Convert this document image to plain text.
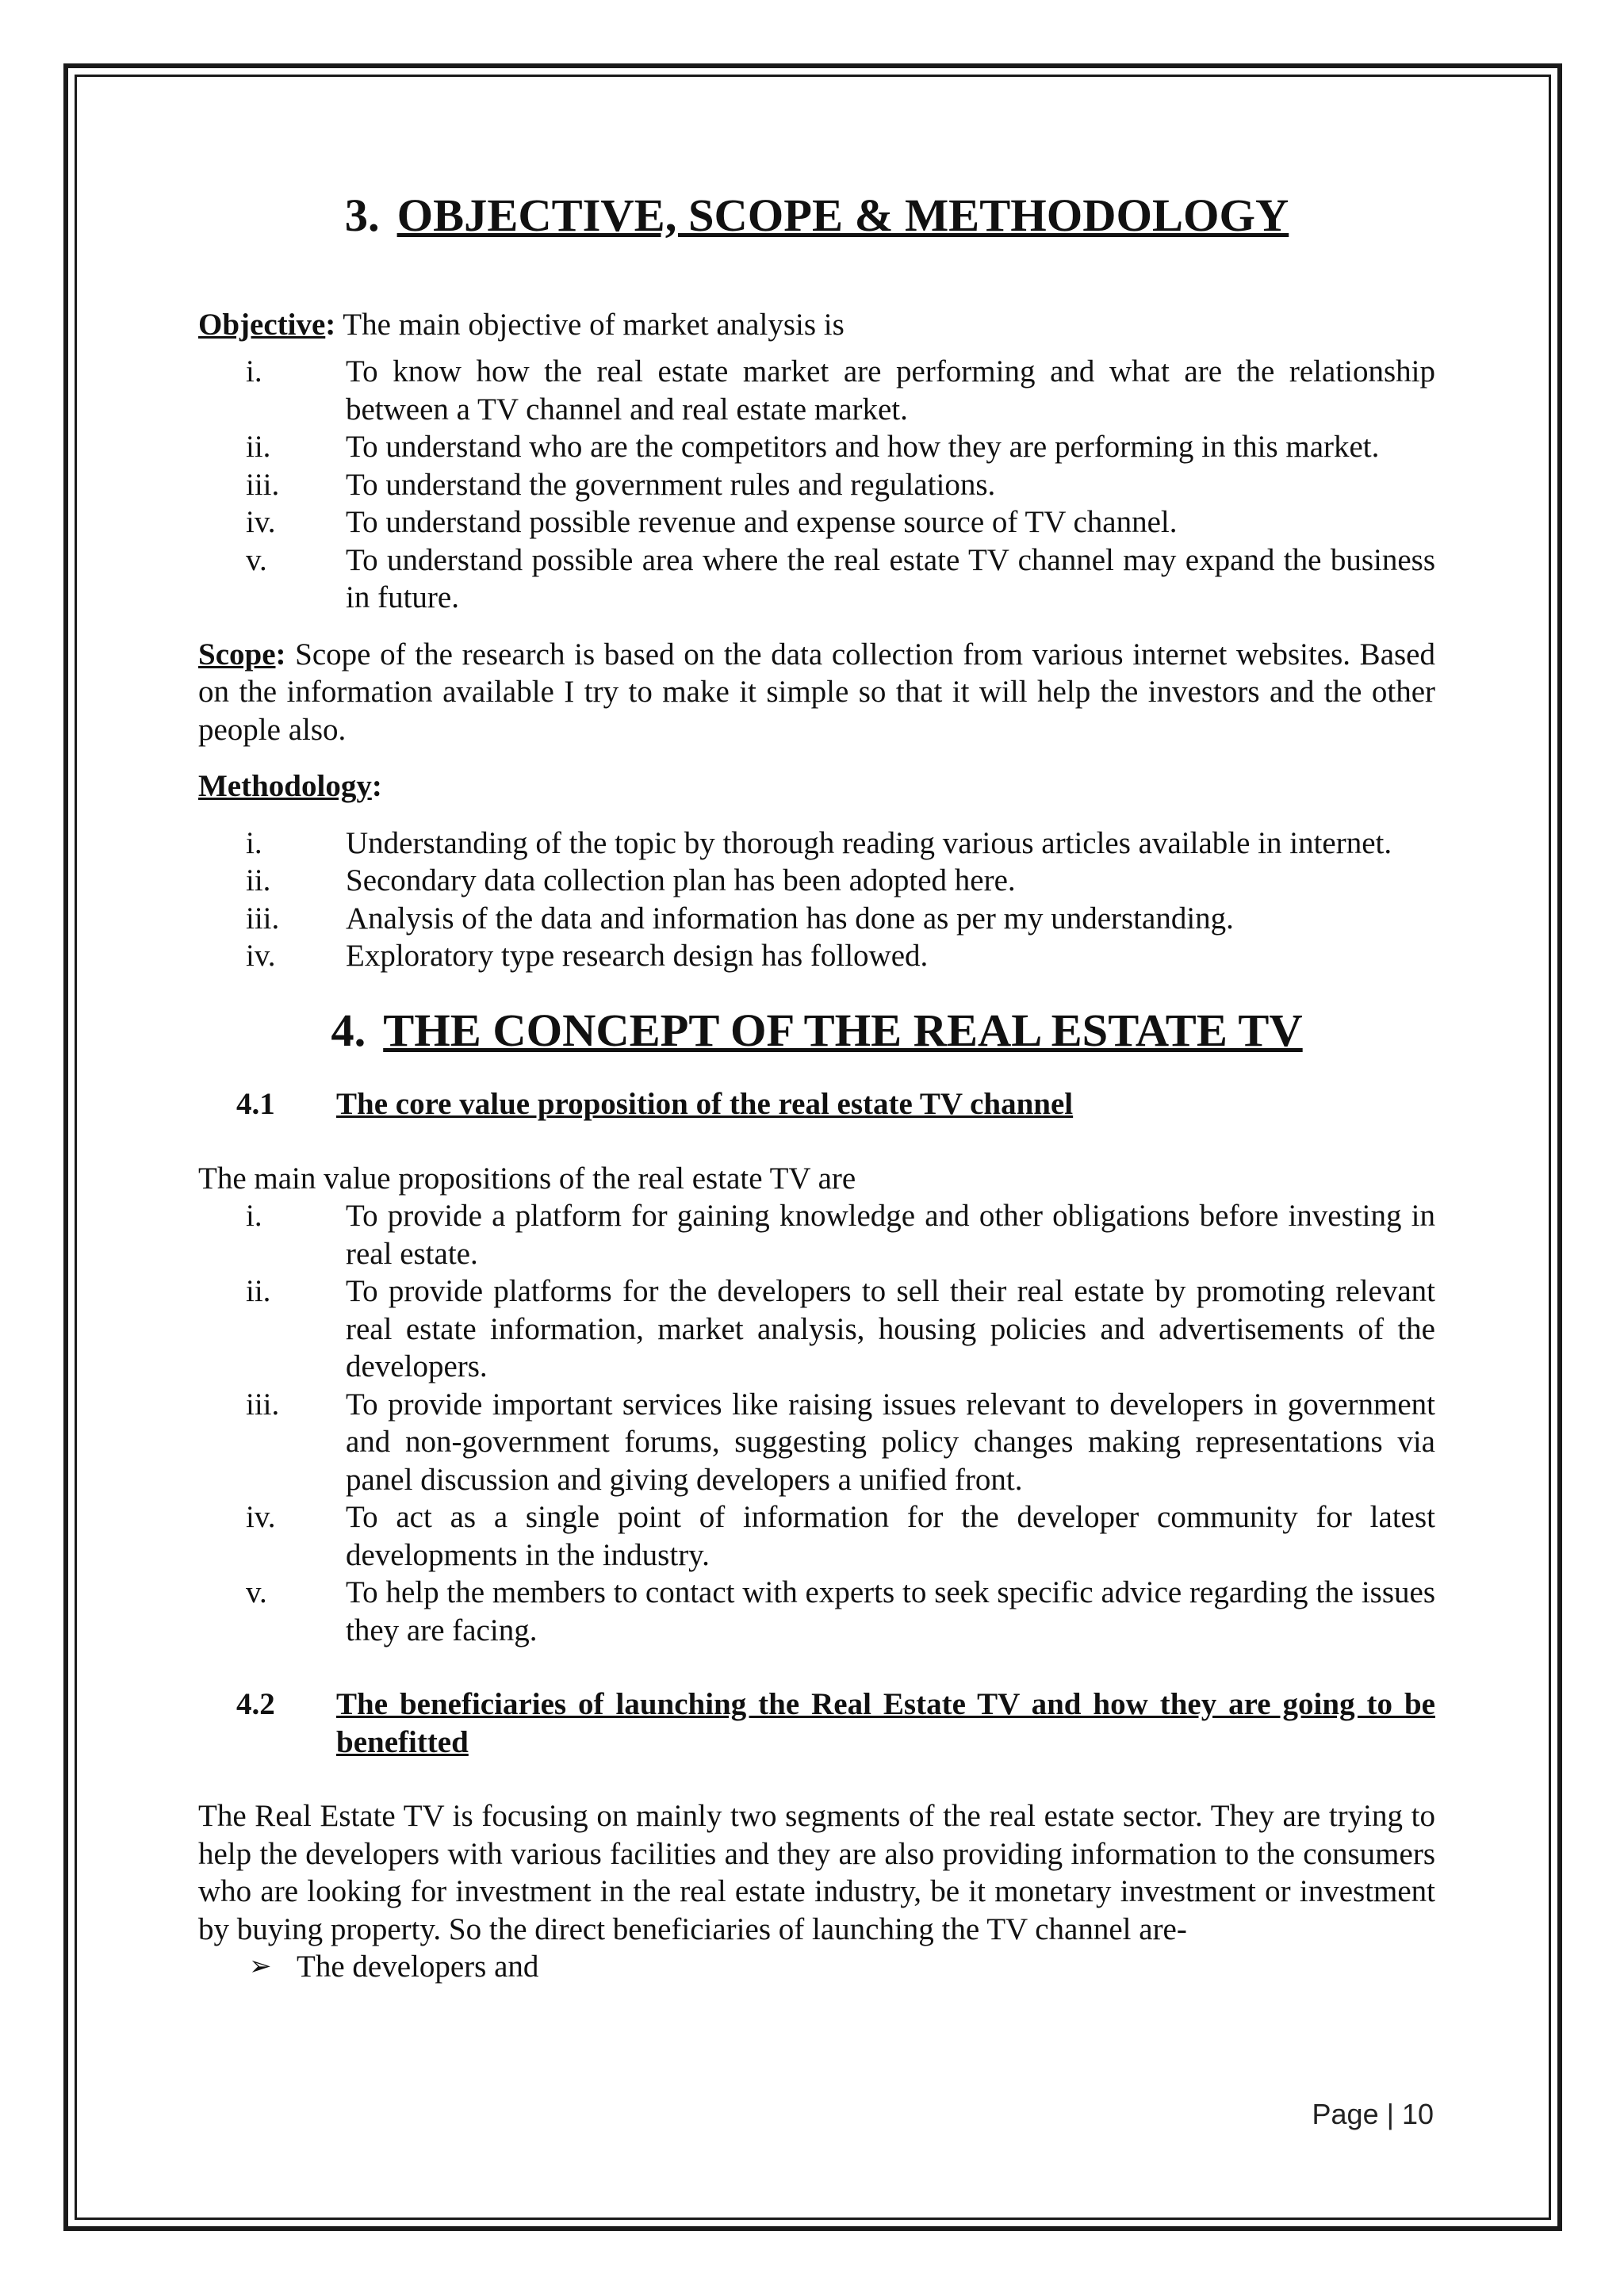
3. OBJECTIVE, SCOPE & METHODOLOGY

Objective: The main objective of market analysis is

i.	To know how the real estate market are performing and what are the relationship between a TV channel and real estate market.
ii. To understand who are the competitors and how they are performing in this market.
iii. To understand the government rules and regulations.
iv. To understand possible revenue and expense source of TV channel.
v.	To understand possible area where the real estate TV channel may expand the business in future.

Scope: Scope of the research is based on the data collection from various internet websites. Based on the information available I try to make it simple so that it will help the investors and the other people also.

Methodology:

i.	Understanding of the topic by thorough reading various articles available in internet.
ii. Secondary data collection plan has been adopted here.
iii. Analysis of the data and information has done as per my understanding.
iv. Exploratory type research design has followed.
4. THE CONCEPT OF THE REAL ESTATE TV
4.1	The core value proposition of the real estate TV channel

The main value propositions of the real estate TV are

i.	To provide a platform for gaining knowledge and other obligations before investing in real estate.
ii. To provide platforms for the developers to sell their real estate by promoting relevant real estate information, market analysis, housing policies and advertisements of the developers.
iii. To provide important services like raising issues relevant to developers in government and non-government forums, suggesting policy changes making representations via panel discussion and giving developers a unified front.
iv. To act as a single point of information for the developer community for latest developments in the industry.
v.	To help the members to contact with experts to seek specific advice regarding the issues they are facing.
4.2	The beneficiaries of launching the Real Estate TV and how they are going to be benefitted

The Real Estate TV is focusing on mainly two segments of the real estate sector. They are trying to help the developers with various facilities and they are also providing information to the consumers who are looking for investment in the real estate industry, be it monetary investment or investment by buying property. So the direct beneficiaries of launching the TV channel are-

➢ The developers and
Page | 10
